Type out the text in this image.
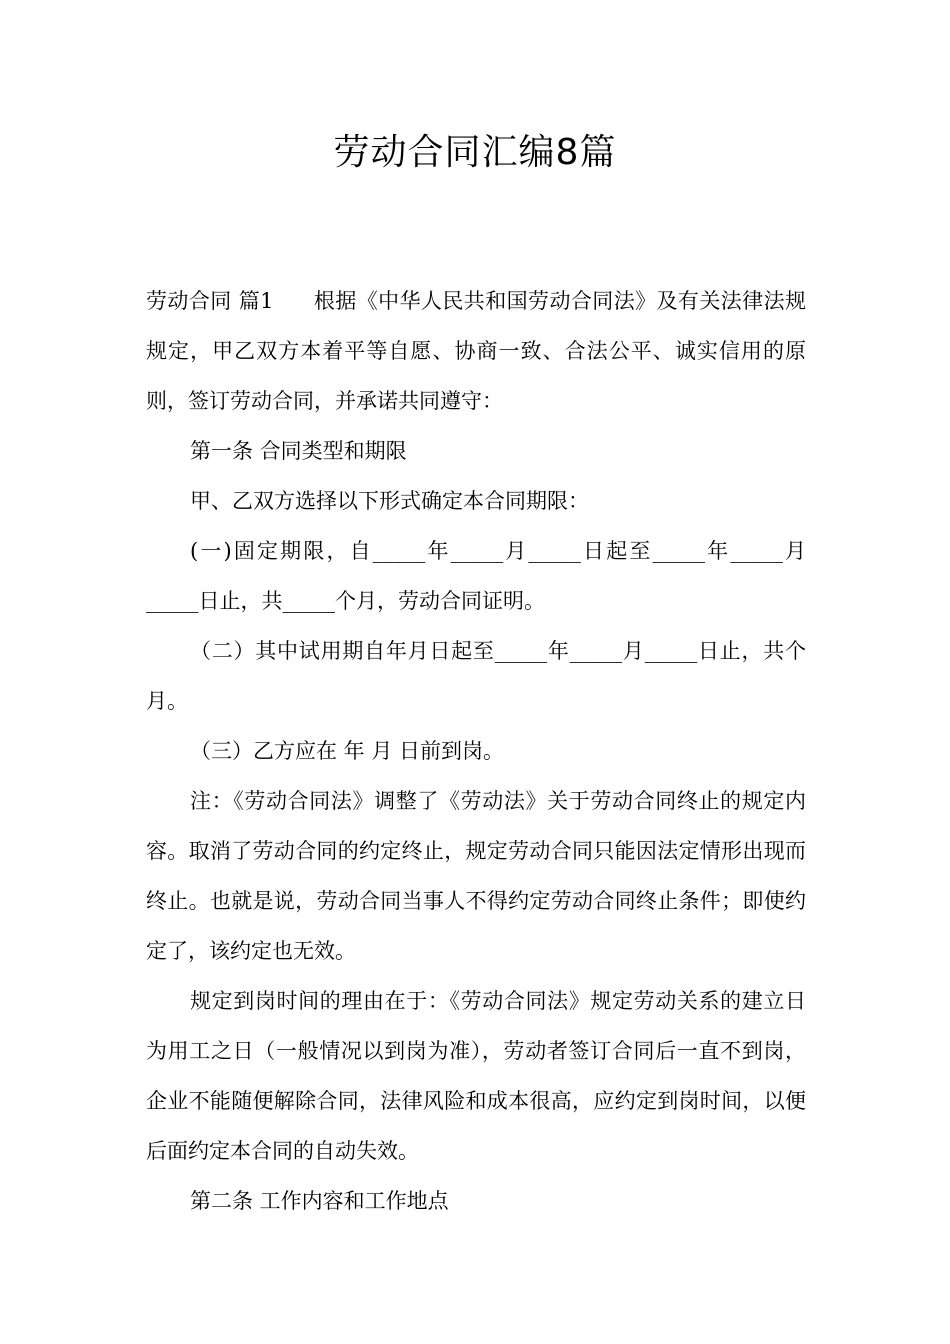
劳动合同汇编8篇

劳动合同 篇1 根据《中华人民共和国劳动合同法》及有关法律法规规定，甲乙双方本着平等自愿、协商一致、合法公平、诚实信用的原则，签订劳动合同，并承诺共同遵守：

第一条 合同类型和期限

甲、乙双方选择以下形式确定本合同期限：

(一)固定期限，自_____年_____月_____日起至_____年_____月_____日止，共_____个月，劳动合同证明。

（二）其中试用期自年月日起至_____年_____月_____日止，共个月。

（三）乙方应在 年 月 日前到岗。

注：《劳动合同法》调整了《劳动法》关于劳动合同终止的规定内容。取消了劳动合同的约定终止，规定劳动合同只能因法定情形出现而终止。也就是说，劳动合同当事人不得约定劳动合同终止条件；即使约定了，该约定也无效。

规定到岗时间的理由在于：《劳动合同法》规定劳动关系的建立日为用工之日（一般情况以到岗为准），劳动者签订合同后一直不到岗，企业不能随便解除合同，法律风险和成本很高，应约定到岗时间，以便后面约定本合同的自动失效。

第二条 工作内容和工作地点
